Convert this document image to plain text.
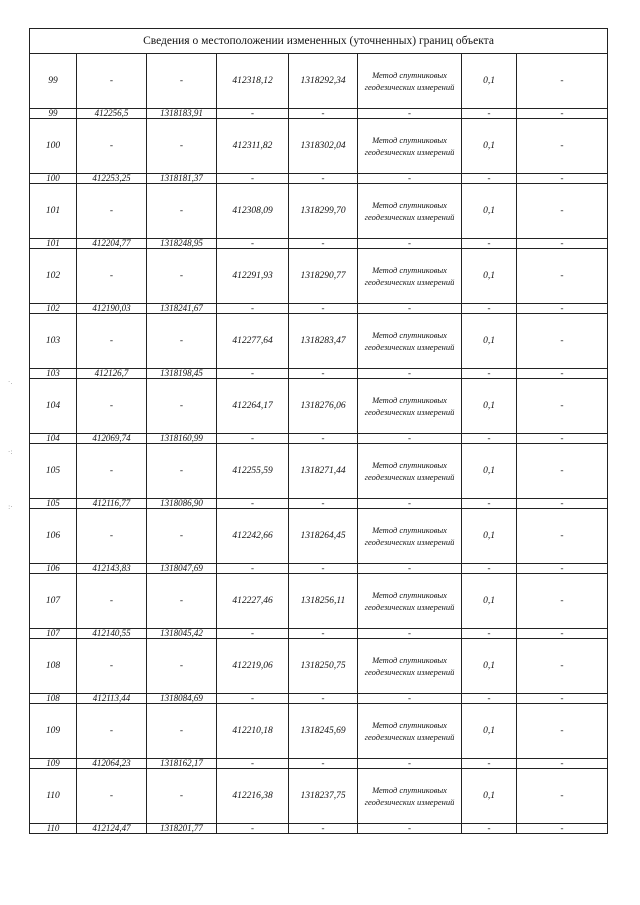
Сведения о местоположении измененных (уточненных) границ объекта							
99	-	-	412318,12	1318292,34	Метод спутниковых геодезических измерений	0,1	-
99	412256,5	1318183,91	-	-	-	-	-
100	-	-	412311,82	1318302,04	Метод спутниковых геодезических измерений	0,1	-
100	412253,25	1318181,37	-	-	-	-	-
101	-	-	412308,09	1318299,70	Метод спутниковых геодезических измерений	0,1	-
101	412204,77	1318248,95	-	-	-	-	-
102	-	-	412291,93	1318290,77	Метод спутниковых геодезических измерений	0,1	-
102	412190,03	1318241,67	-	-	-	-	-
103	-	-	412277,64	1318283,47	Метод спутниковых геодезических измерений	0,1	-
103	412126,7	1318198,45	-	-	-	-	-
104	-	-	412264,17	1318276,06	Метод спутниковых геодезических измерений	0,1	-
104	412069,74	1318160,99	-	-	-	-	-
105	-	-	412255,59	1318271,44	Метод спутниковых геодезических измерений	0,1	-
105	412116,77	1318086,90	-	-	-	-	-
106	-	-	412242,66	1318264,45	Метод спутниковых геодезических измерений	0,1	-
106	412143,83	1318047,69	-	-	-	-	-
107	-	-	412227,46	1318256,11	Метод спутниковых геодезических измерений	0,1	-
107	412140,55	1318045,42	-	-	-	-	-
108	-	-	412219,06	1318250,75	Метод спутниковых геодезических измерений	0,1	-
108	412113,44	1318084,69	-	-	-	-	-
109	-	-	412210,18	1318245,69	Метод спутниковых геодезических измерений	0,1	-
109	412064,23	1318162,17	-	-	-	-	-
110	-	-	412216,38	1318237,75	Метод спутниковых геодезических измерений	0,1	-
110	412124,47	1318201,77	-	-	-	-	-
·.
·:
:·
